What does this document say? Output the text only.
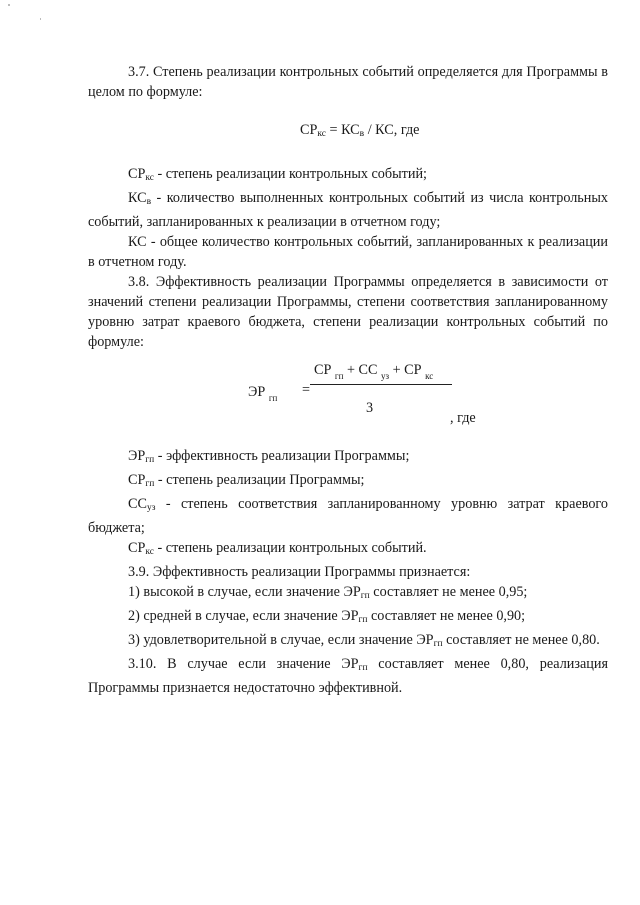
3.7. Степень реализации контрольных событий определяется для Программы в целом по формуле:

СРкс = КСв / КС, где

СРкс - степень реализации контрольных событий;

КСв - количество выполненных контрольных событий из числа контрольных событий, запланированных к реализации в отчетном году;

КС - общее количество контрольных событий, запланированных к реализации в отчетном году.

3.8. Эффективность реализации Программы определяется в зависимости от значений степени реализации Программы, степени соответствия запланированному уровню затрат краевого бюджета, степени реализации контрольных событий по формуле:

ЭР $_{гп}$ =
СР $_{гп}$ + СС $_{уз}$ + СР $_{кс}$
3
, где

ЭРгп - эффективность реализации Программы;

СРгп - степень реализации Программы;

ССуз - степень соответствия запланированному уровню затрат краевого бюджета;

СРкс - степень реализации контрольных событий.

3.9. Эффективность реализации Программы признается:

1) высокой в случае, если значение ЭРгп составляет не менее 0,95;

2) средней в случае, если значение ЭРгп составляет не менее 0,90;

3) удовлетворительной в случае, если значение ЭРгп составляет не менее 0,80.

3.10. В случае если значение ЭРгп составляет менее 0,80, реализация Программы признается недостаточно эффективной.
